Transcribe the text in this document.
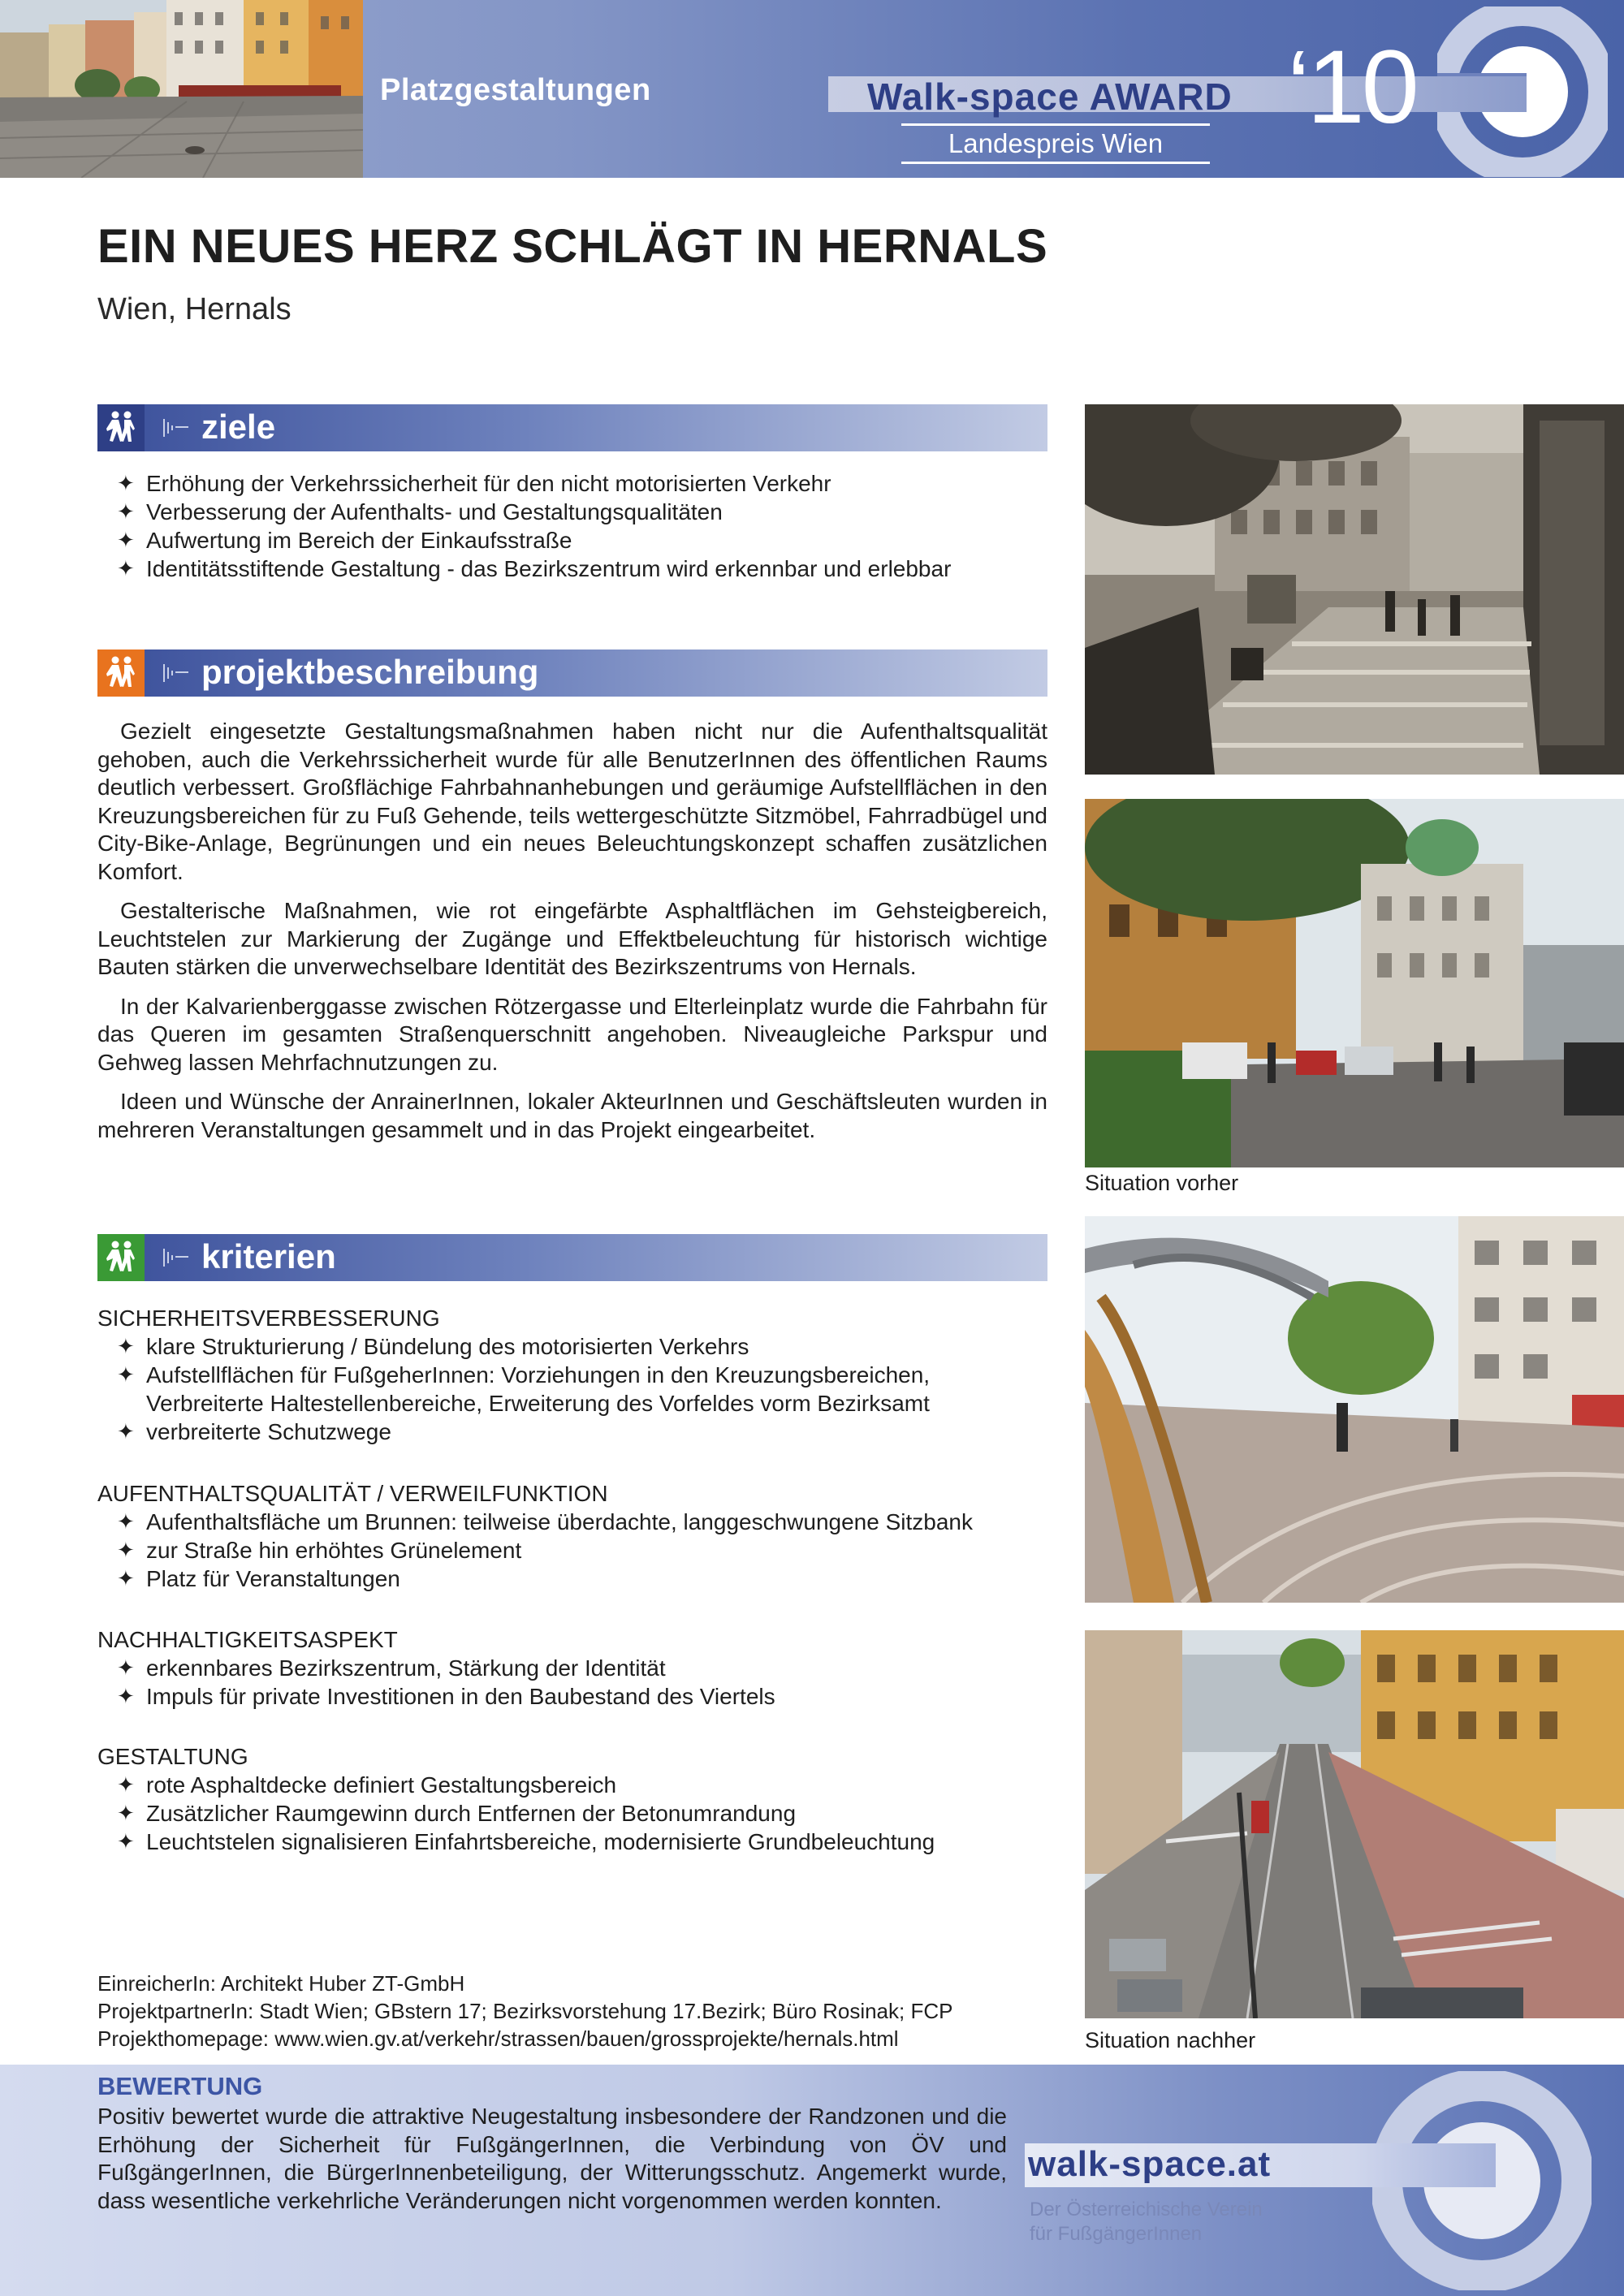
Platzgestaltungen	Walk-space AWARD
Landespreis Wien	‘10
EIN NEUES HERZ SCHLÄGT IN HERNALS
Wien, Hernals
ziele
✦ Erhöhung der Verkehrssicherheit für den nicht motorisierten Verkehr
✦ Verbesserung der Aufenthalts- und Gestaltungsqualitäten
✦ Aufwertung im Bereich der Einkaufsstraße
✦ Identitätsstiftende Gestaltung - das Bezirkszentrum wird erkennbar und erlebbar
projektbeschreibung

Gezielt eingesetzte Gestaltungsmaßnahmen haben nicht nur die Aufenthaltsqualität gehoben, auch die Verkehrssicherheit wurde für alle BenutzerInnen des öffentlichen Raums deutlich verbessert. Großflächige Fahrbahnanhebungen und geräumige Aufstellflächen in den Kreuzungsbereichen für zu Fuß Gehende, teils wettergeschützte Sitzmöbel, Fahrradbügel und City-Bike-Anlage, Begrünungen und ein neues Beleuchtungskonzept schaffen zusätzlichen Komfort.

Gestalterische Maßnahmen, wie rot eingefärbte Asphaltflächen im Gehsteigbereich, Leuchtstelen zur Markierung der Zugänge und Effektbeleuchtung für historisch wichtige Bauten stärken die unverwechselbare Identität des Bezirkszentrums von Hernals.

In der Kalvarienberggasse zwischen Rötzergasse und Elterleinplatz wurde die Fahrbahn für das Queren im gesamten Straßenquerschnitt angehoben. Niveaugleiche Parkspur und Gehweg lassen Mehrfachnutzungen zu.

Ideen und Wünsche der AnrainerInnen, lokaler AkteurInnen und Geschäftsleuten wurden in mehreren Veranstaltungen gesammelt und in das Projekt eingearbeitet.

kriterien

SICHERHEITSVERBESSERUNG

✦ klare Strukturierung / Bündelung des motorisierten Verkehrs
✦ Aufstellflächen für FußgeherInnen: Vorziehungen in den Kreuzungsbereichen, Verbreiterte Haltestellenbereiche, Erweiterung des Vorfeldes vorm Bezirksamt
✦ verbreiterte Schutzwege

AUFENTHALTSQUALITÄT / VERWEILFUNKTION

✦ Aufenthaltsfläche um Brunnen: teilweise überdachte, langgeschwungene Sitzbank
✦ zur Straße hin erhöhtes Grünelement
✦ Platz für Veranstaltungen

NACHHALTIGKEITSASPEKT

✦ erkennbares Bezirkszentrum, Stärkung der Identität
✦ Impuls für private Investitionen in den Baubestand des Viertels

GESTALTUNG

✦ rote Asphaltdecke definiert Gestaltungsbereich
✦ Zusätzlicher Raumgewinn durch Entfernen der Betonumrandung
✦ Leuchtstelen signalisieren Einfahrtsbereiche, modernisierte Grundbeleuchtung
EinreicherIn: Architekt Huber ZT-GmbH
ProjektpartnerIn: Stadt Wien; GBstern 17; Bezirksvorstehung 17.Bezirk; Büro Rosinak; FCP
Projekthomepage: www.wien.gv.at/verkehr/strassen/bauen/grossprojekte/hernals.html
Situation vorher
Situation nachher
BEWERTUNG
Positiv bewertet wurde die attraktive Neugestaltung insbesondere der Randzonen und die Erhöhung der Sicherheit für FußgängerInnen, die Verbindung von ÖV und FußgängerInnen, die BürgerInnenbeteiligung, der Witterungsschutz. Angemerkt wurde, dass wesentliche verkehrliche Veränderungen nicht vorgenommen werden konnten.
walk-space.at
Der Österreichische Verein
für FußgängerInnen
